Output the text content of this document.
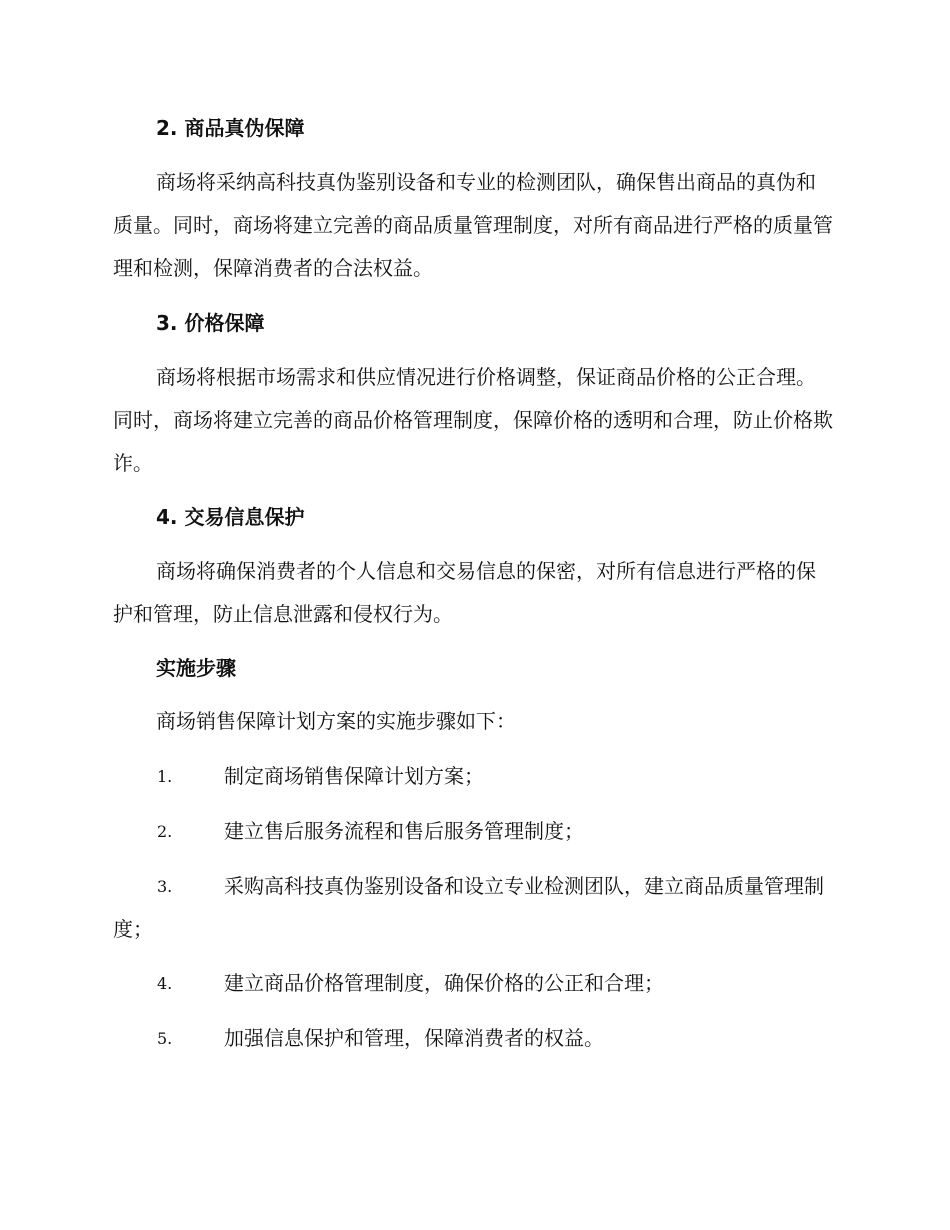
2. 商品真伪保障

商场将采纳高科技真伪鉴别设备和专业的检测团队，确保售出商品的真伪和质量。同时，商场将建立完善的商品质量管理制度，对所有商品进行严格的质量管理和检测，保障消费者的合法权益。

3. 价格保障

商场将根据市场需求和供应情况进行价格调整，保证商品价格的公正合理。同时，商场将建立完善的商品价格管理制度，保障价格的透明和合理，防止价格欺诈。

4. 交易信息保护

商场将确保消费者的个人信息和交易信息的保密，对所有信息进行严格的保护和管理，防止信息泄露和侵权行为。

实施步骤

商场销售保障计划方案的实施步骤如下：

1.	制定商场销售保障计划方案；
2.	建立售后服务流程和售后服务管理制度；
3.	采购高科技真伪鉴别设备和设立专业检测团队，建立商品质量管理制度；
4.	建立商品价格管理制度，确保价格的公正和合理；
5.	加强信息保护和管理，保障消费者的权益。
